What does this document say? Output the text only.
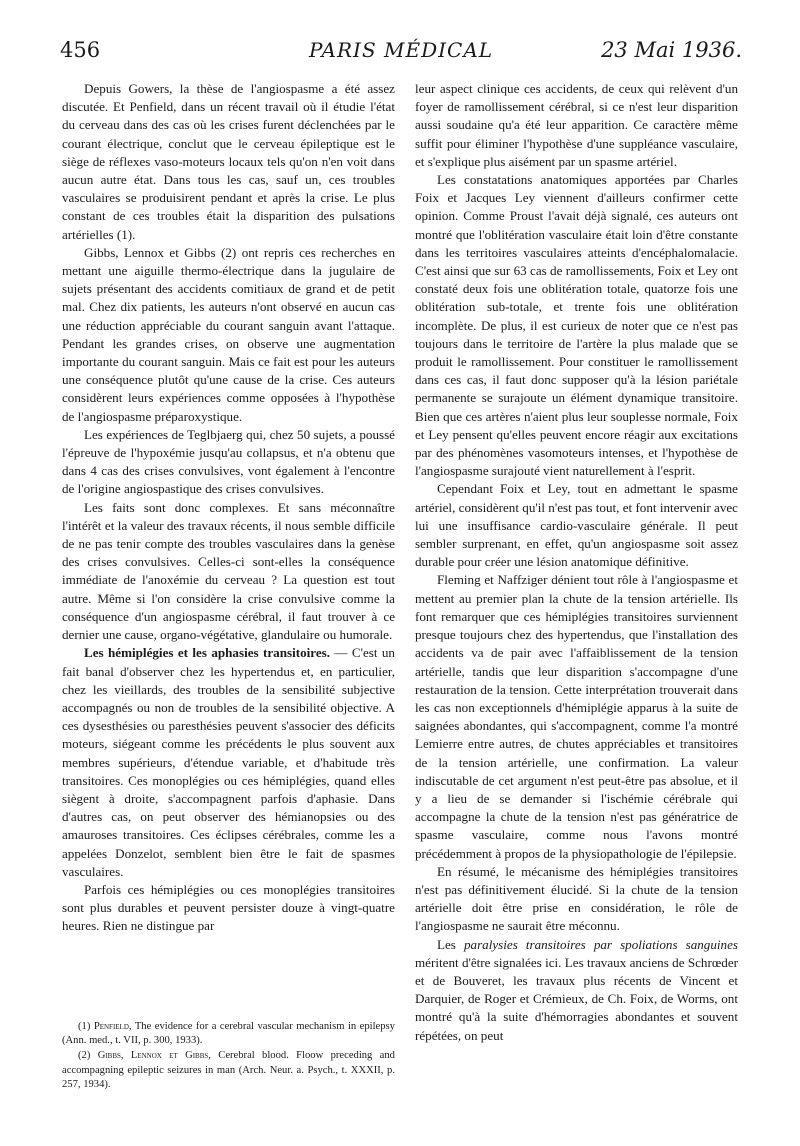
PARIS MÉDICAL
456	23 Mai 1936.

Depuis Gowers, la thèse de l'angiospasme a été assez discutée. Et Penfield, dans un récent travail où il étudie l'état du cerveau dans des cas où les crises furent déclenchées par le courant électrique, conclut que le cerveau épileptique est le siège de réflexes vaso-moteurs locaux tels qu'on n'en voit dans aucun autre état. Dans tous les cas, sauf un, ces troubles vasculaires se produisirent pendant et après la crise. Le plus constant de ces troubles était la disparition des pulsations artérielles (1).

Gibbs, Lennox et Gibbs (2) ont repris ces recherches en mettant une aiguille thermo-électrique dans la jugulaire de sujets présentant des accidents comitiaux de grand et de petit mal. Chez dix patients, les auteurs n'ont observé en aucun cas une réduction appréciable du courant sanguin avant l'attaque. Pendant les grandes crises, on observe une augmentation importante du courant sanguin. Mais ce fait est pour les auteurs une conséquence plutôt qu'une cause de la crise. Ces auteurs considèrent leurs expériences comme opposées à l'hypothèse de l'angiospasme préparoxystique.

Les expériences de Teglbjaerg qui, chez 50 sujets, a poussé l'épreuve de l'hypoxémie jusqu'au collapsus, et n'a obtenu que dans 4 cas des crises convulsives, vont également à l'encontre de l'origine angiospastique des crises convulsives.

Les faits sont donc complexes. Et sans méconnaître l'intérêt et la valeur des travaux récents, il nous semble difficile de ne pas tenir compte des troubles vasculaires dans la genèse des crises convulsives. Celles-ci sont-elles la conséquence immédiate de l'anoxémie du cerveau ? La question est tout autre. Même si l'on considère la crise convulsive comme la conséquence d'un angiospasme cérébral, il faut trouver à ce dernier une cause, organo-végétative, glandulaire ou humorale.

Les hémiplégies et les aphasies transitoires. — C'est un fait banal d'observer chez les hypertendus et, en particulier, chez les vieillards, des troubles de la sensibilité subjective accompagnés ou non de troubles de la sensibilité objective. A ces dysesthésies ou paresthésies peuvent s'associer des déficits moteurs, siégeant comme les précédents le plus souvent aux membres supérieurs, d'étendue variable, et d'habitude très transitoires. Ces monoplégies ou ces hémiplégies, quand elles siègent à droite, s'accompagnent parfois d'aphasie. Dans d'autres cas, on peut observer des hémianopsies ou des amauroses transitoires. Ces éclipses cérébrales, comme les a appelées Donzelot, semblent bien être le fait de spasmes vasculaires.

Parfois ces hémiplégies ou ces monoplégies transitoires sont plus durables et peuvent persister douze à vingt-quatre heures. Rien ne distingue par

(1) Penfield, The evidence for a cerebral vascular mechanism in epilepsy (Ann. med., t. VII, p. 300, 1933).

(2) Gibbs, Lennox et Gibbs, Cerebral blood. Floow preceding and accompagning epileptic seizures in man (Arch. Neur. a. Psych., t. XXXII, p. 257, 1934).

leur aspect clinique ces accidents, de ceux qui relèvent d'un foyer de ramollissement cérébral, si ce n'est leur disparition aussi soudaine qu'a été leur apparition. Ce caractère même suffit pour éliminer l'hypothèse d'une suppléance vasculaire, et s'explique plus aisément par un spasme artériel.

Les constatations anatomiques apportées par Charles Foix et Jacques Ley viennent d'ailleurs confirmer cette opinion. Comme Proust l'avait déjà signalé, ces auteurs ont montré que l'oblitération vasculaire était loin d'être constante dans les territoires vasculaires atteints d'encéphalomalacie. C'est ainsi que sur 63 cas de ramollissements, Foix et Ley ont constaté deux fois une oblitération totale, quatorze fois une oblitération sub-totale, et trente fois une oblitération incomplète. De plus, il est curieux de noter que ce n'est pas toujours dans le territoire de l'artère la plus malade que se produit le ramollissement. Pour constituer le ramollissement dans ces cas, il faut donc supposer qu'à la lésion pariétale permanente se surajoute un élément dynamique transitoire. Bien que ces artères n'aient plus leur souplesse normale, Foix et Ley pensent qu'elles peuvent encore réagir aux excitations par des phénomènes vasomoteurs intenses, et l'hypothèse de l'angiospasme surajouté vient naturellement à l'esprit.

Cependant Foix et Ley, tout en admettant le spasme artériel, considèrent qu'il n'est pas tout, et font intervenir avec lui une insuffisance cardio-vasculaire générale. Il peut sembler surprenant, en effet, qu'un angiospasme soit assez durable pour créer une lésion anatomique définitive.

Fleming et Naffziger dénient tout rôle à l'angiospasme et mettent au premier plan la chute de la tension artérielle. Ils font remarquer que ces hémiplégies transitoires surviennent presque toujours chez des hypertendus, que l'installation des accidents va de pair avec l'affaiblissement de la tension artérielle, tandis que leur disparition s'accompagne d'une restauration de la tension. Cette interprétation trouverait dans les cas non exceptionnels d'hémiplégie apparus à la suite de saignées abondantes, qui s'accompagnent, comme l'a montré Lemierre entre autres, de chutes appréciables et transitoires de la tension artérielle, une confirmation. La valeur indiscutable de cet argument n'est peut-être pas absolue, et il y a lieu de se demander si l'ischémie cérébrale qui accompagne la chute de la tension n'est pas génératrice de spasme vasculaire, comme nous l'avons montré précédemment à propos de la physiopathologie de l'épilepsie.

En résumé, le mécanisme des hémiplégies transitoires n'est pas définitivement élucidé. Si la chute de la tension artérielle doit être prise en considération, le rôle de l'angiospasme ne saurait être méconnu.

Les paralysies transitoires par spoliations sanguines méritent d'être signalées ici. Les travaux anciens de Schrœder et de Bouveret, les travaux plus récents de Vincent et Darquier, de Roger et Crémieux, de Ch. Foix, de Worms, ont montré qu'à la suite d'hémorragies abondantes et souvent répétées, on peut
